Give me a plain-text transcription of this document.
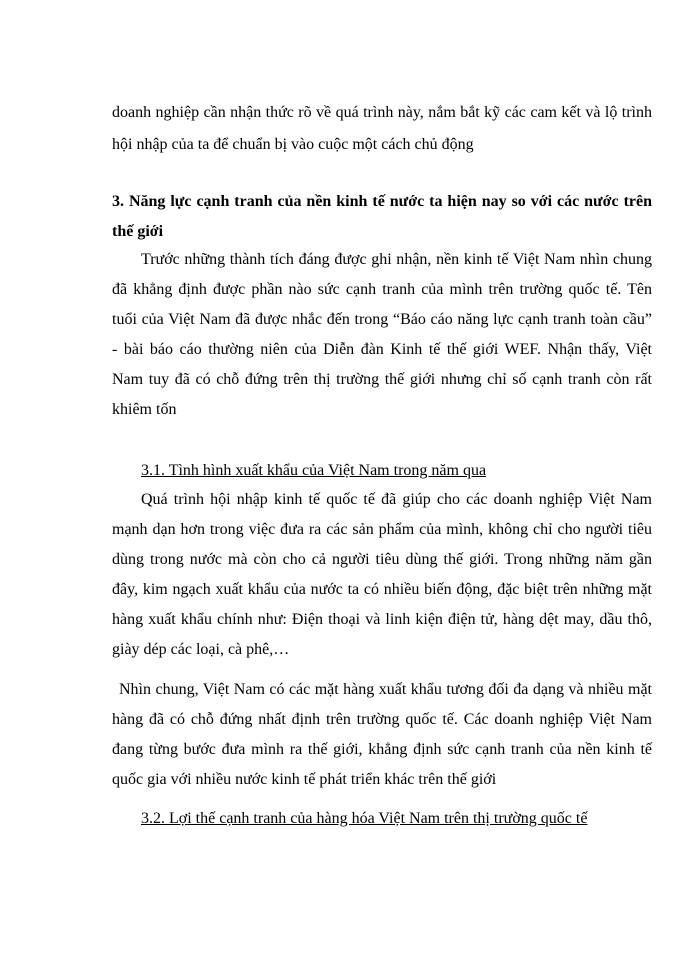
doanh nghiệp cần nhận thức rõ về quá trình này, nắm bắt kỹ các cam kết và lộ trình
hội nhập của ta để chuẩn bị vào cuộc một cách chủ động
3. Năng lực cạnh tranh của nền kinh tế nước ta hiện nay so với các nước trên
thế giới
Trước những thành tích đáng được ghi nhận, nền kinh tế Việt Nam nhìn chung
đã khẳng định được phần nào sức cạnh tranh của mình trên trường quốc tế. Tên
tuổi của Việt Nam đã được nhắc đến trong “Báo cáo năng lực cạnh tranh toàn cầu”
- bài báo cáo thường niên của Diễn đàn Kinh tế thế giới WEF. Nhận thấy, Việt
Nam tuy đã có chỗ đứng trên thị trường thế giới nhưng chỉ số cạnh tranh còn rất
khiêm tốn
3.1. Tình hình xuất khẩu của Việt Nam trong năm qua
Quá trình hội nhập kinh tế quốc tế đã giúp cho các doanh nghiệp Việt Nam
mạnh dạn hơn trong việc đưa ra các sản phẩm của mình, không chỉ cho người tiêu
dùng trong nước mà còn cho cả người tiêu dùng thế giới. Trong những năm gần
đây, kim ngạch xuất khẩu của nước ta có nhiều biến động, đặc biệt trên những mặt
hàng xuất khẩu chính như: Điện thoại và linh kiện điện tử, hàng dệt may, dầu thô,
giày dép các loại, cà phê,…
Nhìn chung, Việt Nam có các mặt hàng xuất khẩu tương đối đa dạng và nhiều mặt
hàng đã có chỗ đứng nhất định trên trường quốc tế. Các doanh nghiệp Việt Nam
đang từng bước đưa mình ra thế giới, khẳng định sức cạnh tranh của nền kinh tế
quốc gia với nhiều nước kinh tế phát triển khác trên thế giới
3.2. Lợi thế cạnh tranh của hàng hóa Việt Nam trên thị trường quốc tế
